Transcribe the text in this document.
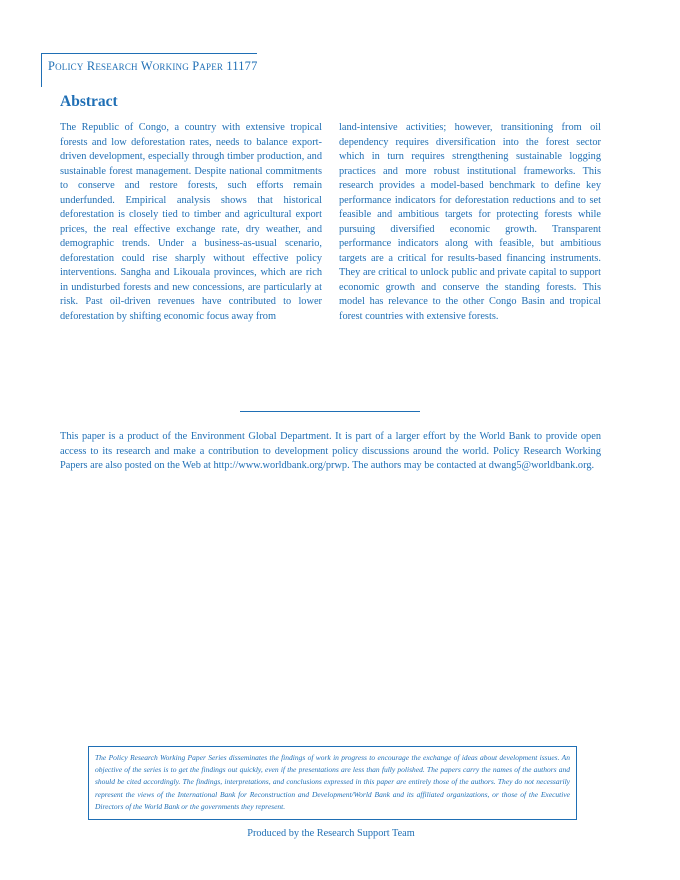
Policy Research Working Paper 11177
Abstract

The Republic of Congo, a country with extensive tropical forests and low deforestation rates, needs to balance export-driven development, especially through timber production, and sustainable forest management. Despite national commitments to conserve and restore forests, such efforts remain underfunded. Empirical analysis shows that historical deforestation is closely tied to timber and agricultural export prices, the real effective exchange rate, dry weather, and demographic trends. Under a business-as-usual scenario, deforestation could rise sharply without effective policy interventions. Sangha and Likouala provinces, which are rich in undisturbed forests and new concessions, are particularly at risk. Past oil-driven revenues have contributed to lower deforestation by shifting economic focus away from

land-intensive activities; however, transitioning from oil dependency requires diversification into the forest sector which in turn requires strengthening sustainable logging practices and more robust institutional frameworks. This research provides a model-based benchmark to define key performance indicators for deforestation reductions and to set feasible and ambitious targets for protecting forests while pursuing diversified economic growth. Transparent performance indicators along with feasible, but ambitious targets are a critical for results-based financing instruments. They are critical to unlock public and private capital to support economic growth and conserve the standing forests. This model has relevance to the other Congo Basin and tropical forest countries with extensive forests.

This paper is a product of the Environment Global Department. It is part of a larger effort by the World Bank to provide open access to its research and make a contribution to development policy discussions around the world. Policy Research Working Papers are also posted on the Web at http://www.worldbank.org/prwp. The authors may be contacted at dwang5@worldbank.org.

The Policy Research Working Paper Series disseminates the findings of work in progress to encourage the exchange of ideas about development issues. An objective of the series is to get the findings out quickly, even if the presentations are less than fully polished. The papers carry the names of the authors and should be cited accordingly. The findings, interpretations, and conclusions expressed in this paper are entirely those of the authors. They do not necessarily represent the views of the International Bank for Reconstruction and Development/World Bank and its affiliated organizations, or those of the Executive Directors of the World Bank or the governments they represent.

Produced by the Research Support Team
